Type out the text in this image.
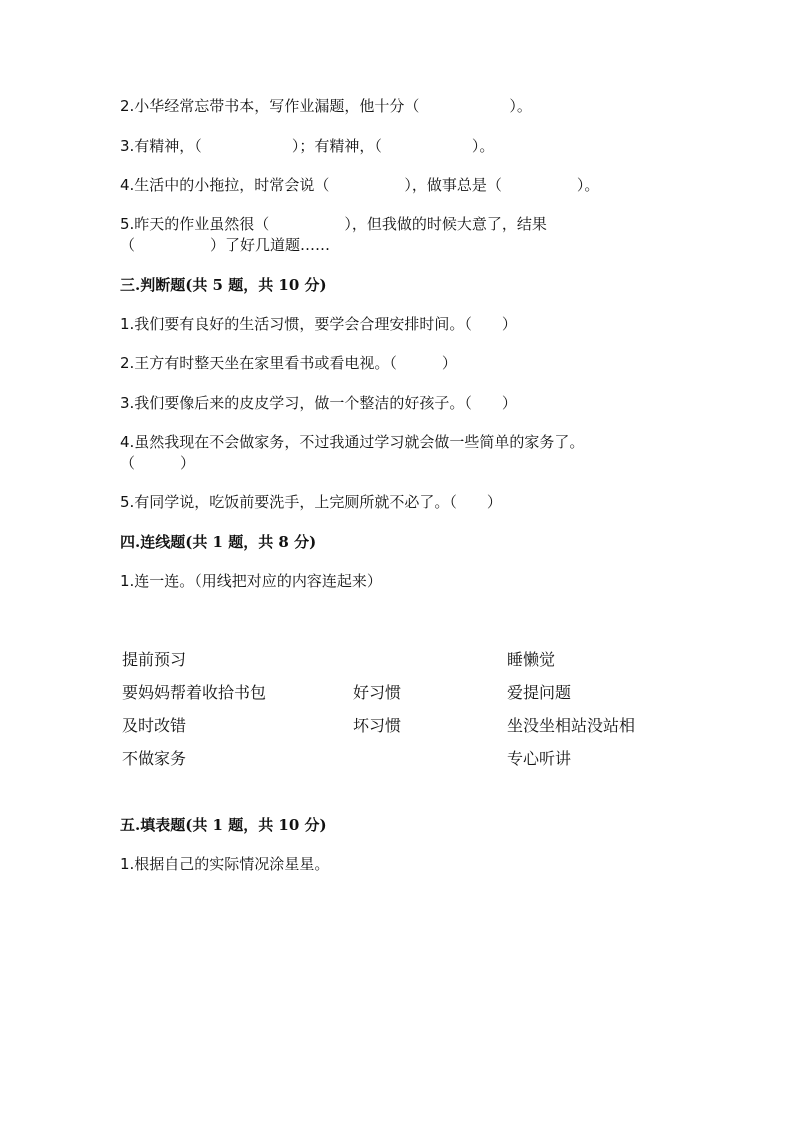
2.小华经常忘带书本，写作业漏题，他十分（　　　　　　）。
3.有精神，（　　　　　　）；有精神，（　　　　　　）。
4.生活中的小拖拉，时常会说（　　　　　），做事总是（　　　　　）。
5.昨天的作业虽然很（　　　　　），但我做的时候大意了，结果
（　　　　　）了好几道题……
三.判断题(共 5 题，共 10 分)
1.我们要有良好的生活习惯，要学会合理安排时间。（　　）
2.王方有时整天坐在家里看书或看电视。（　　　）
3.我们要像后来的皮皮学习，做一个整洁的好孩子。（　　）
4.虽然我现在不会做家务，不过我通过学习就会做一些简单的家务了。
（　　　）
5.有同学说，吃饭前要洗手，上完厕所就不必了。（　　）
四.连线题(共 1 题，共 8 分)
1.连一连。（用线把对应的内容连起来）
提前预习
要妈妈帮着收拾书包
及时改错
不做家务
好习惯
坏习惯
睡懒觉
爱提问题
坐没坐相站没站相
专心听讲
五.填表题(共 1 题，共 10 分)
1.根据自己的实际情况涂星星。
